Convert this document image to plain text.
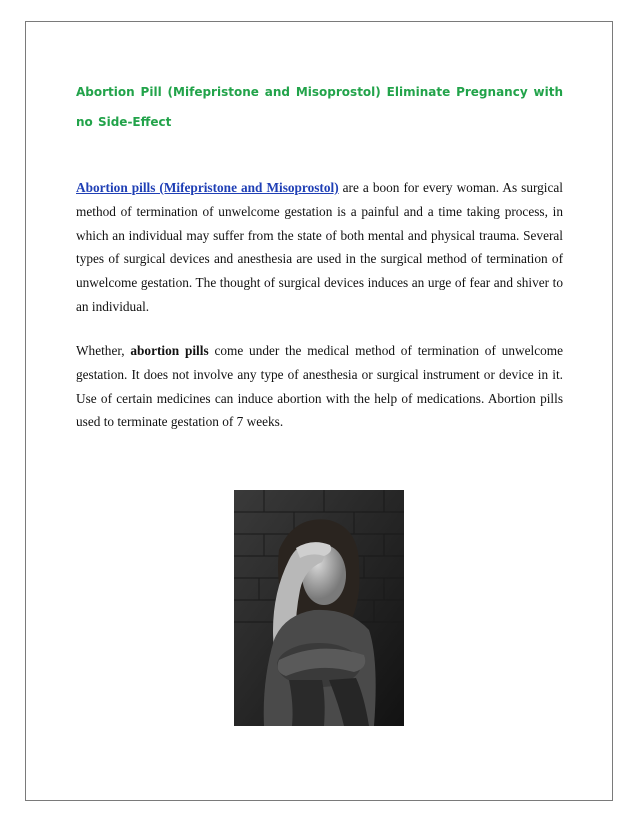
Abortion Pill (Mifepristone and Misoprostol) Eliminate Pregnancy with no Side-Effect

Abortion pills (Mifepristone and Misoprostol) are a boon for every woman. As surgical method of termination of unwelcome gestation is a painful and a time taking process, in which an individual may suffer from the state of both mental and physical trauma. Several types of surgical devices and anesthesia are used in the surgical method of termination of unwelcome gestation. The thought of surgical devices induces an urge of fear and shiver to an individual.

Whether, abortion pills come under the medical method of termination of unwelcome gestation. It does not involve any type of anesthesia or surgical instrument or device in it. Use of certain medicines can induce abortion with the help of medications. Abortion pills used to terminate gestation of 7 weeks.
